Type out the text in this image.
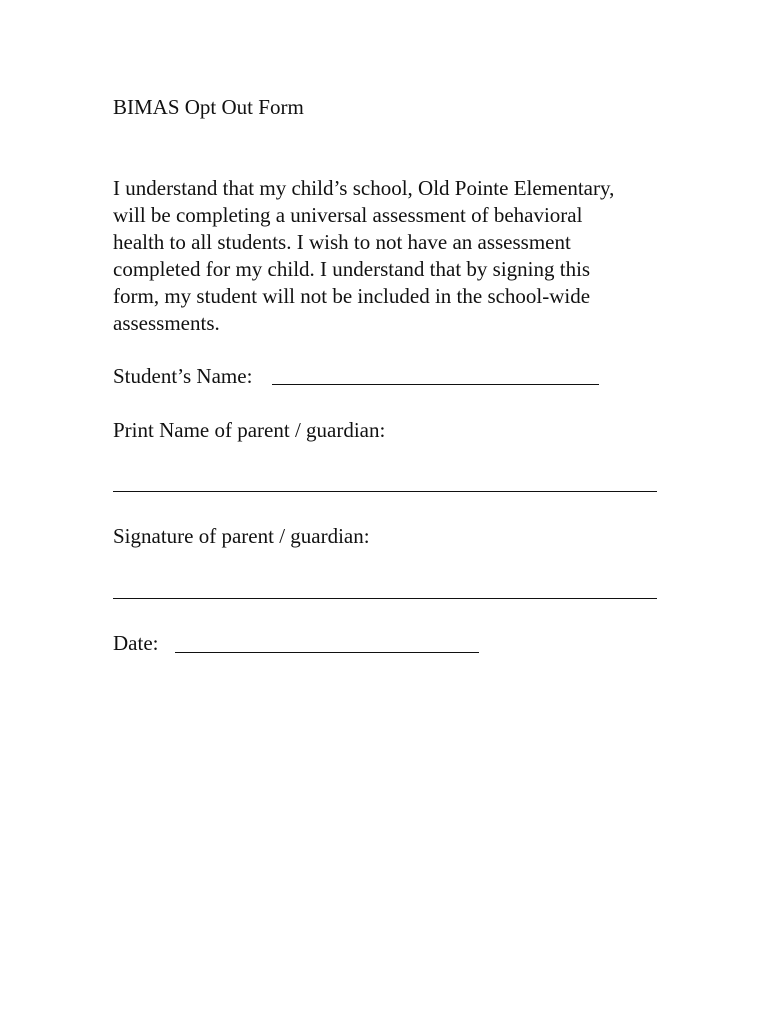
BIMAS Opt Out Form
I understand that my child’s school, Old Pointe Elementary,
will be completing a universal assessment of behavioral
health to all students. I wish to not have an assessment
completed for my child. I understand that by signing this
form, my student will not be included in the school-wide
assessments.
Student’s Name:
Print Name of parent / guardian:
Signature of parent / guardian:
Date:
